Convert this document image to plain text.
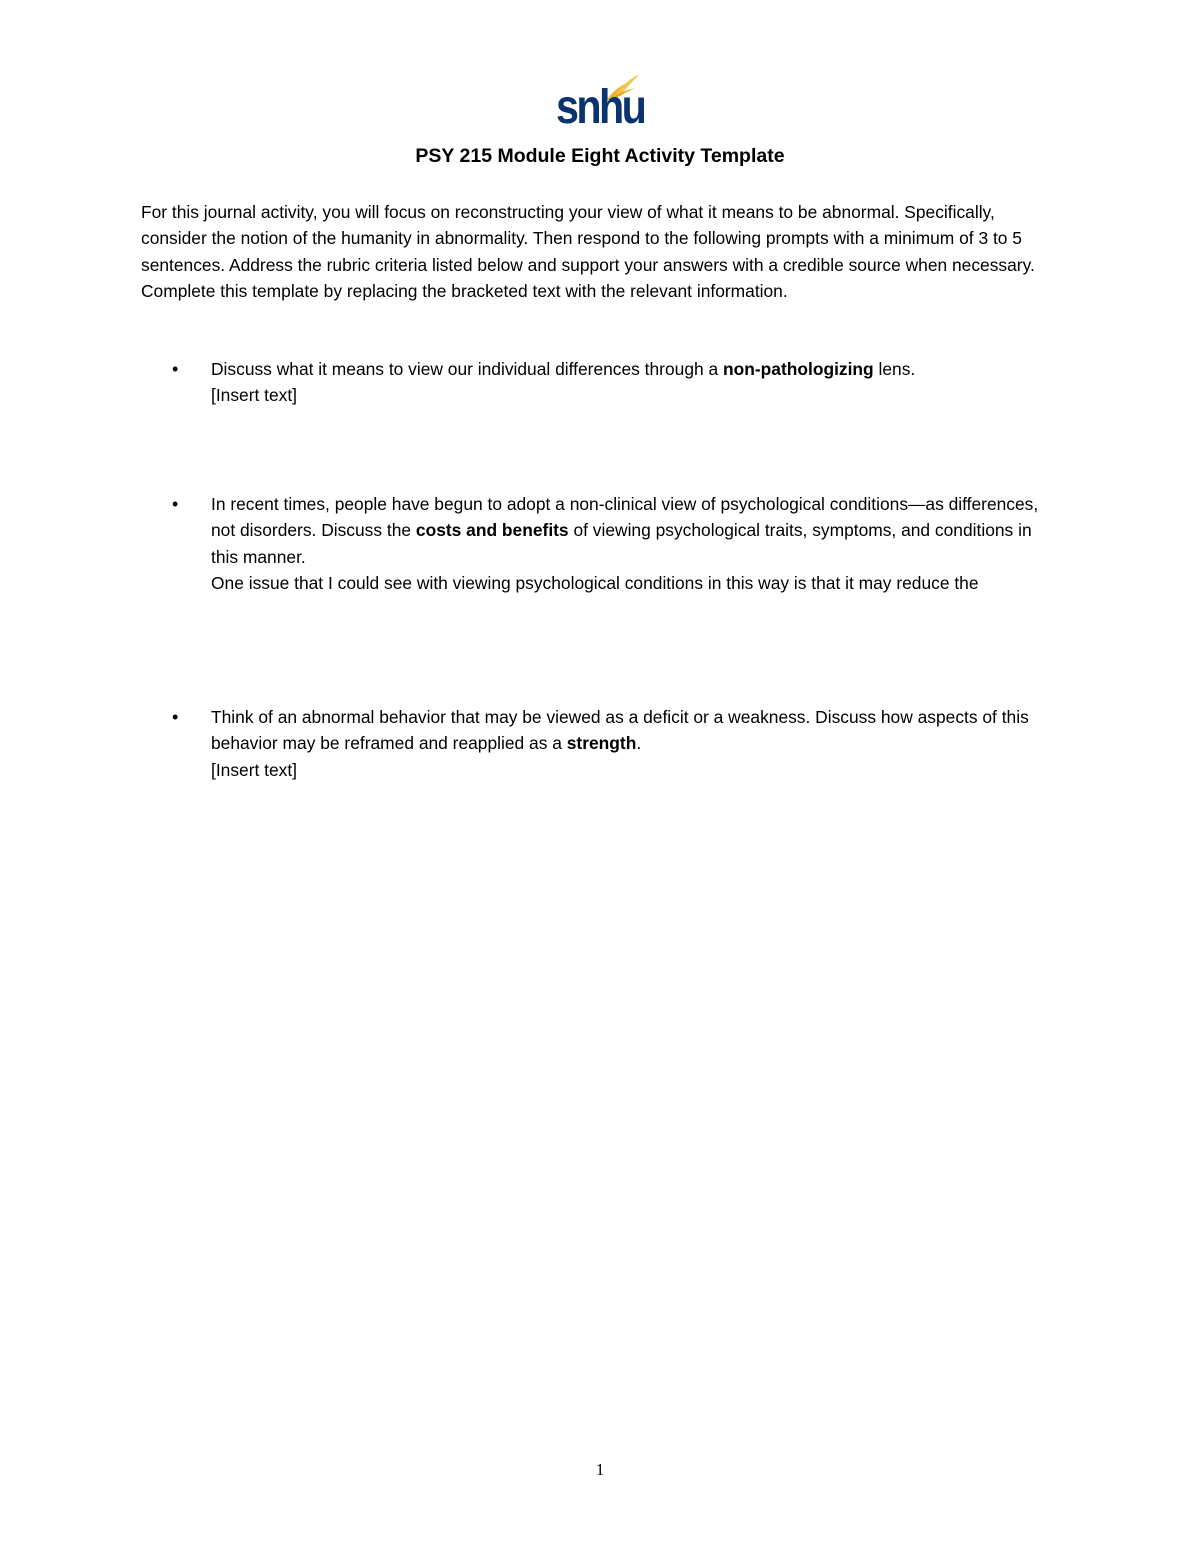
snhu
PSY 215 Module Eight Activity Template
For this journal activity, you will focus on reconstructing your view of what it means to be abnormal. Specifically, consider the notion of the humanity in abnormality. Then respond to the following prompts with a minimum of 3 to 5 sentences. Address the rubric criteria listed below and support your answers with a credible source when necessary. Complete this template by replacing the bracketed text with the relevant information.
•	Discuss what it means to view our individual differences through a non-pathologizing lens.
[Insert text]
•	In recent times, people have begun to adopt a non-clinical view of psychological conditions—as differences, not disorders. Discuss the costs and benefits of viewing psychological traits, symptoms, and conditions in this manner.
One issue that I could see with viewing psychological conditions in this way is that it may reduce the
•	Think of an abnormal behavior that may be viewed as a deficit or a weakness. Discuss how aspects of this behavior may be reframed and reapplied as a strength.
[Insert text]
1
